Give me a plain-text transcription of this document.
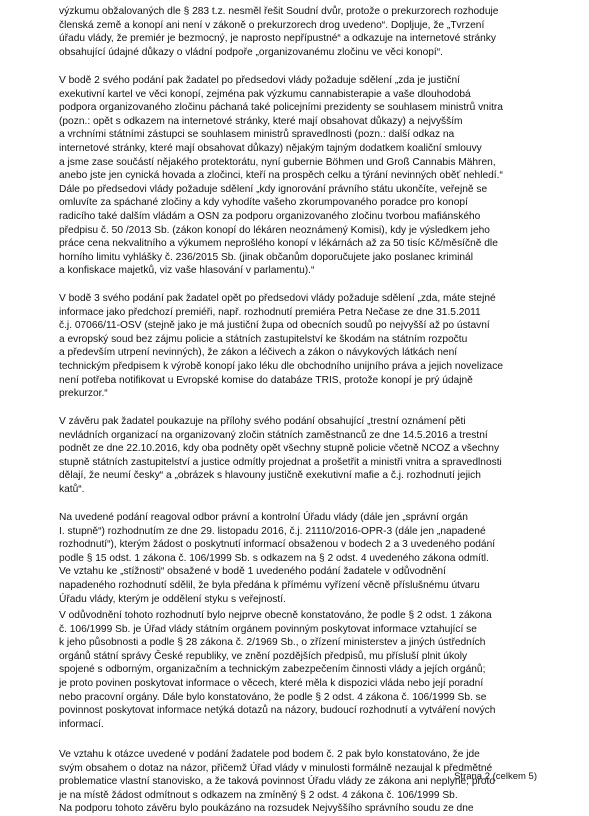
výzkumu obžalovaných dle § 283 t.z. nesměl řešit Soudní dvůr, protože o prekurzorech rozhoduje
členská země a konopí ani není v zákoně o prekurzorech drog uvedeno“. Dopljuje, že „Tvrzení
úřadu vlády, že premiér je bezmocný, je naprosto nepřípustné“ a odkazuje na internetové stránky
obsahující údajné důkazy o vládní podpoře „organizovanému zločinu ve věci konopí“.

V bodě 2 svého podání pak žadatel po předsedovi vlády požaduje sdělení „zda je justiční
exekutivní kartel ve věci konopí, zejména pak výzkumu cannabisterapie a vaše dlouhodobá
podpora organizovaného zločinu páchaná také policejními prezidenty se souhlasem ministrů vnitra
(pozn.: opět s odkazem na internetové stránky, které mají obsahovat důkazy) a nejvyšším
a vrchními státními zástupci se souhlasem ministrů spravedlnosti (pozn.: další odkaz na
internetové stránky, které mají obsahovat důkazy) nějakým tajným dodatkem koaliční smlouvy
a jsme zase součástí nějakého protektorátu, nyní gubernie Böhmen und Groß Cannabis Mähren,
anebo jste jen cynická hovada a zločinci, kteří na prospěch celku a týrání nevinných oběť nehledí.“
Dále po předsedovi vlády požaduje sdělení „kdy ignorování právního státu ukončíte, veřejně se
omluvíte za spáchané zločiny a kdy vyhodíte vašeho zkorumpovaného poradce pro konopí
radicího také dalším vládám a OSN za podporu organizovaného zločinu tvorbou mafiánského
předpisu č. 50 /2013 Sb. (zákon konopí do lékáren neoznámený Komisi), kdy je výsledkem jeho
práce cena nekvalitního a výkumem neprošlého konopí v lékárnách až za 50 tisíc Kč/měsíčně dle
horního limitu vyhlášky č. 236/2015 Sb. (jinak občanům doporučujete jako poslanec kriminál
a konfiskace majetků, viz vaše hlasování v parlamentu).“

V bodě 3 svého podání pak žadatel opět po předsedovi vlády požaduje sdělení „zda, máte stejné
informace jako předchozí premiéři, např. rozhodnutí premiéra Petra Nečase ze dne 31.5.2011
č.j. 07066/11-OSV (stejně jako je má justiční župa od obecních soudů po nejvyšší až po ústavní
a evropský soud bez zájmu policie a státních zastupitelství ke škodám na státním rozpočtu
a především utrpení nevinných), že zákon a léčivech a zákon o návykových látkách není
technickým předpisem k výrobě konopí jako léku dle obchodního unijního práva a jejich novelizace
není potřeba notifikovat u Evropské komise do databáze TRIS, protože konopí je prý údajně
prekurzor.“

V závěru pak žadatel poukazuje na přílohy svého podání obsahující „trestní oznámení pěti
nevládních organizací na organizovaný zločin státních zaměstnanců ze dne 14.5.2016 a trestní
podnět ze dne 22.10.2016, kdy oba podněty opět všechny stupně policie včetně NCOZ a všechny
stupně státních zastupitelství a justice odmítly projednat a prošetřit a ministři vnitra a spravedlnosti
dělají, že neumí česky“ a „obrázek s hlavouny justičně exekutivní mafie a č.j. rozhodnutí jejich
katů“.

Na uvedené podání reagoval odbor právní a kontrolní Úřadu vlády (dále jen „správní orgán
I. stupně“) rozhodnutím ze dne 29. listopadu 2016, č.j. 21110/2016-OPR-3 (dále jen „napadené
rozhodnutí“), kterým žádost o poskytnutí informací obsaženou v bodech 2 a 3 uvedeného podání
podle § 15 odst. 1 zákona č. 106/1999 Sb. s odkazem na § 2 odst. 4 uvedeného zákona odmítl.
Ve vztahu ke „stížnosti“ obsažené v bodě 1 uvedeného podání žadatele v odůvodnění
napadeného rozhodnutí sdělil, že byla předána k přímému vyřízení věcně příslušnému útvaru
Úřadu vlády, kterým je oddělení styku s veřejností.

V odůvodnění tohoto rozhodnutí bylo nejprve obecně konstatováno, že podle § 2 odst. 1 zákona
č. 106/1999 Sb. je Úřad vlády státním orgánem povinným poskytovat informace vztahující se
k jeho působnosti a podle § 28 zákona č. 2/1969 Sb., o zřízení ministerstev a jiných ústředních
orgánů státní správy České republiky, ve znění pozdějších předpisů, mu přísluší plnit úkoly
spojené s odborným, organizačním a technickým zabezpečením činnosti vlády a jejích orgánů;
je proto povinen poskytovat informace o věcech, které měla k dispozici vláda nebo její poradní
nebo pracovní orgány. Dále bylo konstatováno, že podle § 2 odst. 4 zákona č. 106/1999 Sb. se
povinnost poskytovat informace netýká dotazů na názory, budoucí rozhodnutí a vytváření nových
informací.

Ve vztahu k otázce uvedené v podání žadatele pod bodem č. 2 pak bylo konstatováno, že jde
svým obsahem o dotaz na názor, přičemž Úřad vlády v minulosti formálně nezaujal k předmětné
problematice vlastní stanovisko, a že taková povinnost Úřadu vlády ze zákona ani neplyne; proto
je na místě žádost odmítnout s odkazem na zmíněný § 2 odst. 4 zákona č. 106/1999 Sb.
Na podporu tohoto závěru bylo poukázáno na rozsudek Nejvyššího správního soudu ze dne

Strana 2 (celkem 5)
